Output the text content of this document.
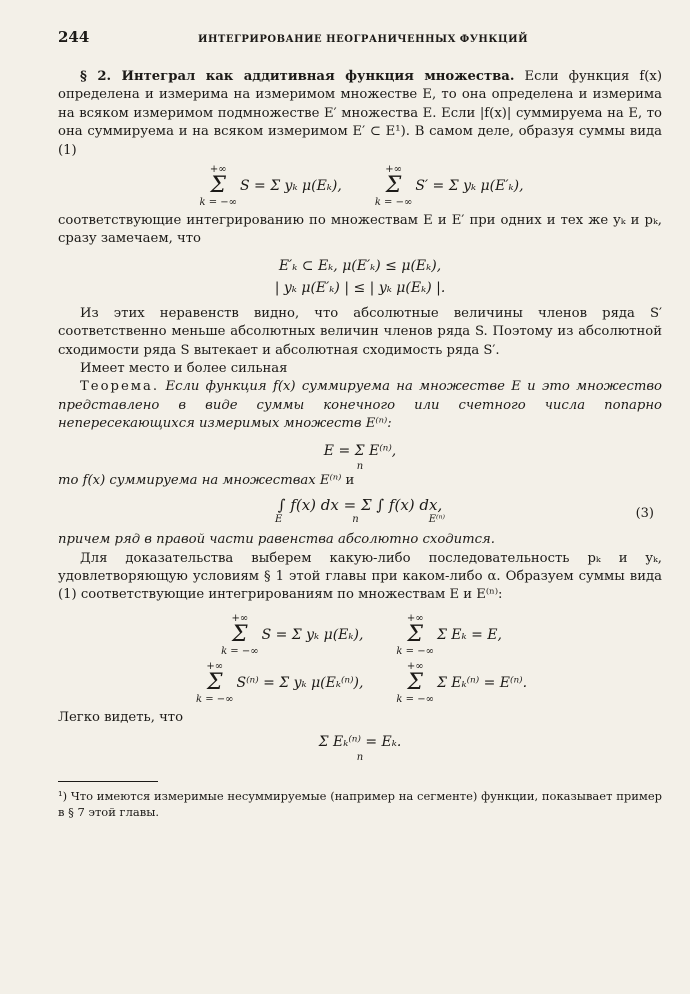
244	ИНТЕГРИРОВАНИЕ НЕОГРАНИЧЕННЫХ ФУНКЦИЙ

§ 2. Интеграл как аддитивная функция множества. Если функция f(x) определена и измерима на измеримом множестве E, то она определена и измерима на всяком измеримом подмножестве E′ множества E. Если |f(x)| суммируема на E, то она суммируема и на всяком измеримом E′ ⊂ E¹). В самом деле, образуя суммы вида (1)

+∞
Σ
k = −∞
S = Σ yₖ μ(Eₖ),
+∞
Σ
k = −∞
S′ = Σ yₖ μ(E′ₖ),

соответствующие интегрированию по множествам E и E′ при одних и тех же yₖ и pₖ, сразу замечаем, что

E′ₖ ⊂ Eₖ, μ(E′ₖ) ≤ μ(Eₖ),
| yₖ μ(E′ₖ) | ≤ | yₖ μ(Eₖ) |.

Из этих неравенств видно, что абсолютные величины членов ряда S′ соответственно меньше абсолютных величин членов ряда S. Поэтому из абсолютной сходимости ряда S вытекает и абсолютная сходимость ряда S′.

Имеет место и более сильная

Теорема. Если функция f(x) суммируема на множестве E и это множество представлено в виде суммы конечного или счетного числа попарно непересекающихся измеримых множеств E⁽ⁿ⁾:

E = Σ E⁽ⁿ⁾,
n

то f(x) суммируема на множествах E⁽ⁿ⁾ и

∫ f(x) dx = Σ ∫ f(x) dx,	(3)
E	n	E⁽ⁿ⁾

причем ряд в правой части равенства абсолютно сходится.

Для доказательства выберем какую-либо последовательность pₖ и yₖ, удовлетворяющую условиям § 1 этой главы при каком-либо α. Образуем суммы вида (1) соответствующие интегрированиям по множествам E и E⁽ⁿ⁾:

+∞
Σ
k = −∞
S = Σ yₖ μ(Eₖ),
+∞
Σ
k = −∞
Σ Eₖ = E,
+∞
Σ
k = −∞
S⁽ⁿ⁾ = Σ yₖ μ(Eₖ⁽ⁿ⁾),
+∞
Σ
k = −∞
Σ Eₖ⁽ⁿ⁾ = E⁽ⁿ⁾.

Легко видеть, что

Σ Eₖ⁽ⁿ⁾ = Eₖ.
n

¹) Что имеются измеримые несуммируемые (например на сегменте) функции, показывает пример в § 7 этой главы.
